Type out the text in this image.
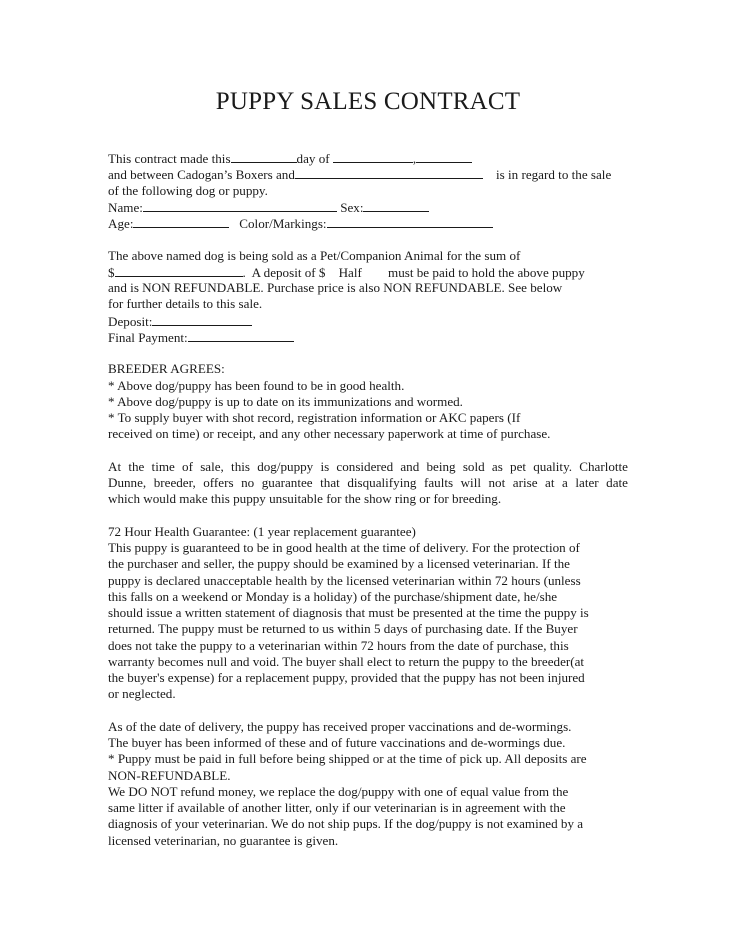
PUPPY SALES CONTRACT
This contract made this	day of	,
and between Cadogan’s Boxers and	is in regard to the sale
of the following dog or puppy.
Name:	Sex:
Age:	Color/Markings:
The above named dog is being sold as a Pet/Companion Animal for the sum of
$	.  A deposit of $    Half        must be paid to hold the above puppy
and is NON REFUNDABLE. Purchase price is also NON REFUNDABLE. See below
for further details to this sale.
Deposit:
Final Payment:
BREEDER AGREES:
* Above dog/puppy has been found to be in good health.
* Above dog/puppy is up to date on its immunizations and wormed.
* To supply buyer with shot record, registration information or AKC papers (If
received on time) or receipt, and any other necessary paperwork at time of purchase.
At the time of sale, this dog/puppy is considered and being sold as pet quality. Charlotte
Dunne, breeder, offers no guarantee that disqualifying faults will not arise at a later date
which would make this puppy unsuitable for the show ring or for breeding.
72 Hour Health Guarantee: (1 year replacement guarantee)
This puppy is guaranteed to be in good health at the time of delivery. For the protection of
the purchaser and seller, the puppy should be examined by a licensed veterinarian. If the
puppy is declared unacceptable health by the licensed veterinarian within 72 hours (unless
this falls on a weekend or Monday is a holiday) of the purchase/shipment date, he/she
should issue a written statement of diagnosis that must be presented at the time the puppy is
returned. The puppy must be returned to us within 5 days of purchasing date. If the Buyer
does not take the puppy to a veterinarian within 72 hours from the date of purchase, this
warranty becomes null and void. The buyer shall elect to return the puppy to the breeder(at
the buyer's expense) for a replacement puppy, provided that the puppy has not been injured
or neglected.
As of the date of delivery, the puppy has received proper vaccinations and de-wormings.
The buyer has been informed of these and of future vaccinations and de-wormings due.
* Puppy must be paid in full before being shipped or at the time of pick up. All deposits are
NON-REFUNDABLE.
We DO NOT refund money, we replace the dog/puppy with one of equal value from the
same litter if available of another litter, only if our veterinarian is in agreement with the
diagnosis of your veterinarian. We do not ship pups. If the dog/puppy is not examined by a
licensed veterinarian, no guarantee is given.
